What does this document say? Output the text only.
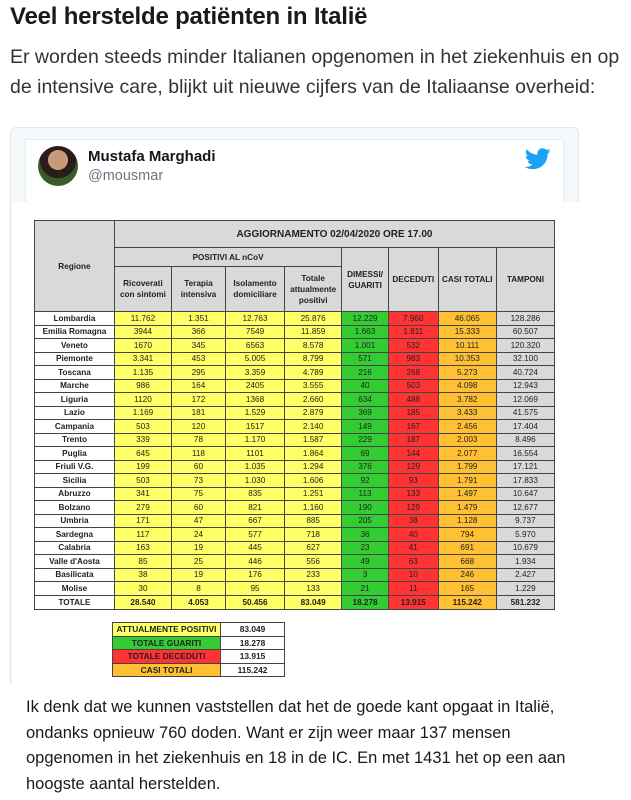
Veel herstelde patiënten in Italië

Er worden steeds minder Italianen opgenomen in het ziekenhuis en op de intensive care, blijkt uit nieuwe cijfers van de Italiaanse overheid:

Mustafa Marghadi
@mousmar
Regione	AGGIORNAMENTO 02/04/2020 ORE 17.00							
	POSITIVI AL nCoV				DIMESSI/ GUARITI	DECEDUTI	CASI TOTALI	TAMPONI
	Ricoverati con sintomi	Terapia intensiva	Isolamento domiciliare	Totale attualmente positivi				
Lombardia	11.762	1.351	12.763	25.876	12.229	7.960	46.065	128.286
Emilia Romagna	3944	366	7549	11.859	1.663	1.811	15.333	60.507
Veneto	1670	345	6563	8.578	1.001	532	10.111	120.320
Piemonte	3.341	453	5.005	8.799	571	983	10.353	32.100
Toscana	1.135	295	3.359	4.789	216	268	5.273	40.724
Marche	986	164	2405	3.555	40	503	4.098	12.943
Liguria	1120	172	1368	2.660	634	488	3.782	12.069
Lazio	1.169	181	1.529	2.879	369	185	3.433	41.575
Campania	503	120	1517	2.140	149	167	2.456	17.404
Trento	339	78	1.170	1.587	229	187	2.003	8.496
Puglia	645	118	1101	1.864	69	144	2.077	16.554
Friuli V.G.	199	60	1.035	1.294	376	129	1.799	17.121
Sicilia	503	73	1.030	1.606	92	93	1.791	17.833
Abruzzo	341	75	835	1.251	113	133	1.497	10.647
Bolzano	279	60	821	1.160	190	129	1.479	12.677
Umbria	171	47	667	885	205	38	1.128	9.737
Sardegna	117	24	577	718	36	40	794	5.970
Calabria	163	19	445	627	23	41	691	10.679
Valle d'Aosta	85	25	446	556	49	63	668	1.934
Basilicata	38	19	176	233	3	10	246	2.427
Molise	30	8	95	133	21	11	165	1.229
TOTALE	28.540	4.053	50.456	83.049	18.278	13.915	115.242	581.232
ATTUALMENTE POSITIVI	83.049
TOTALE GUARITI	18.278
TOTALE DECEDUTI	13.915
CASI TOTALI	115.242

Ik denk dat we kunnen vaststellen dat het de goede kant opgaat in Italië, ondanks opnieuw 760 doden. Want er zijn weer maar 137 mensen opgenomen in het ziekenhuis en 18 in de IC. En met 1431 het op een aan hoogste aantal herstelden.
